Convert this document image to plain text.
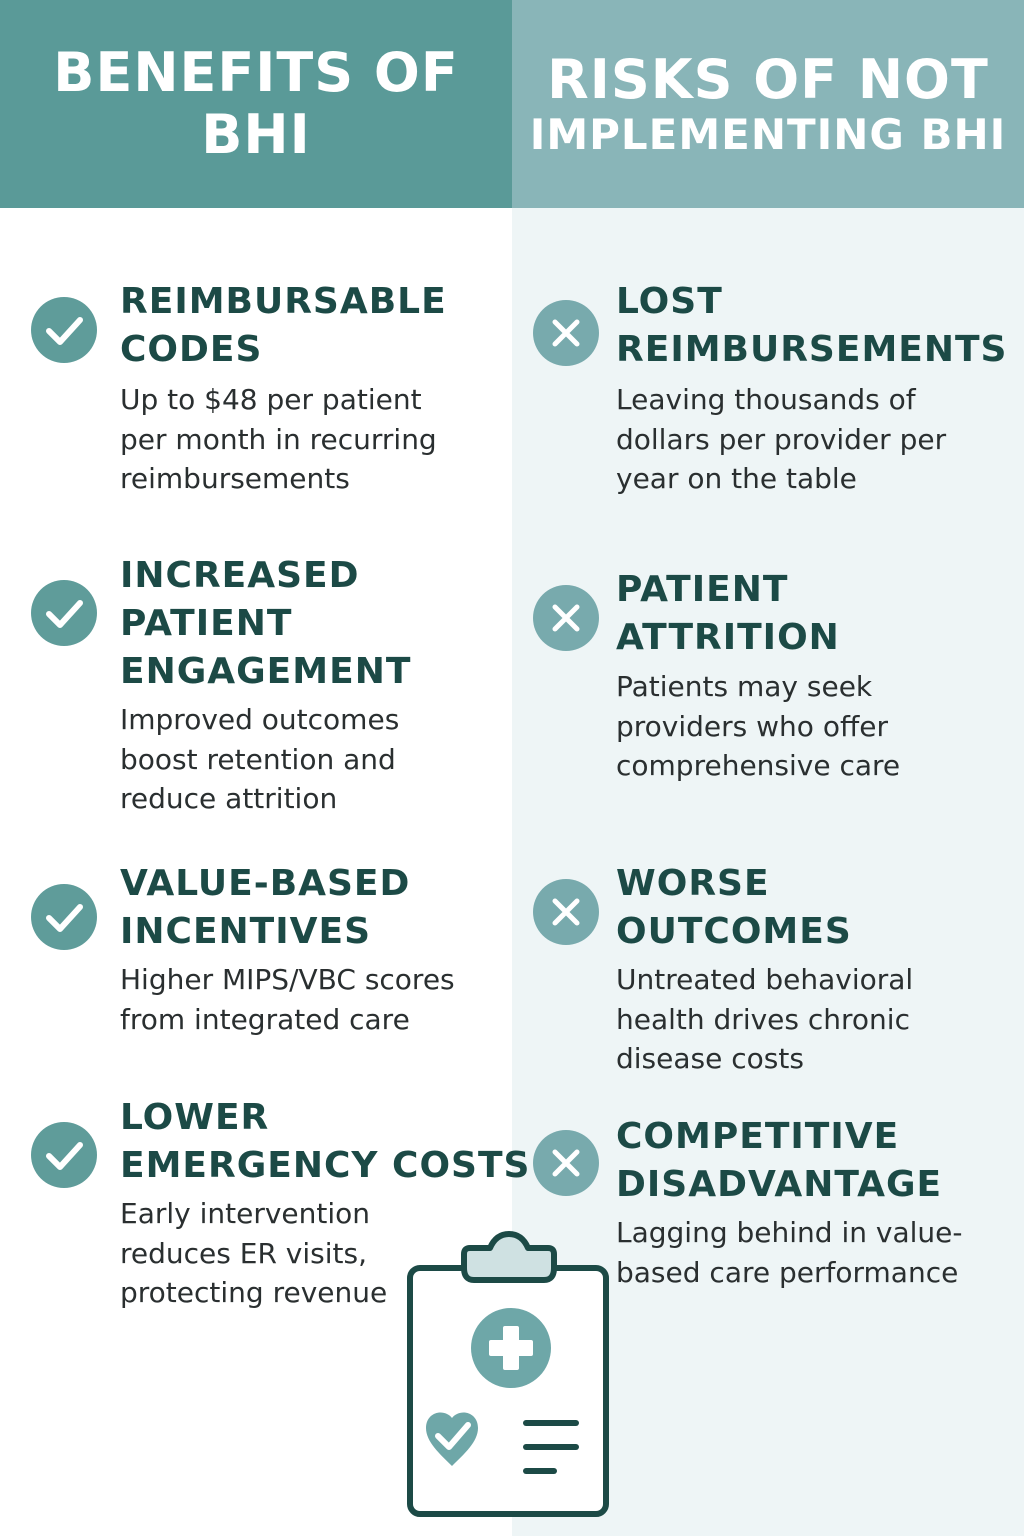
BENEFITS OF
BHI
RISKS OF NOT
IMPLEMENTING BHI
REIMBURSABLE
CODES
Up to $48 per patient
per month in recurring
reimbursements
INCREASED
PATIENT
ENGAGEMENT
Improved outcomes
boost retention and
reduce attrition
VALUE-BASED
INCENTIVES
Higher MIPS/VBC scores
from integrated care
LOWER
EMERGENCY COSTS
Early intervention
reduces ER visits,
protecting revenue
LOST
REIMBURSEMENTS
Leaving thousands of
dollars per provider per
year on the table
PATIENT
ATTRITION
Patients may seek
providers who offer
comprehensive care
WORSE
OUTCOMES
Untreated behavioral
health drives chronic
disease costs
COMPETITIVE
DISADVANTAGE
Lagging behind in value-
based care performance
